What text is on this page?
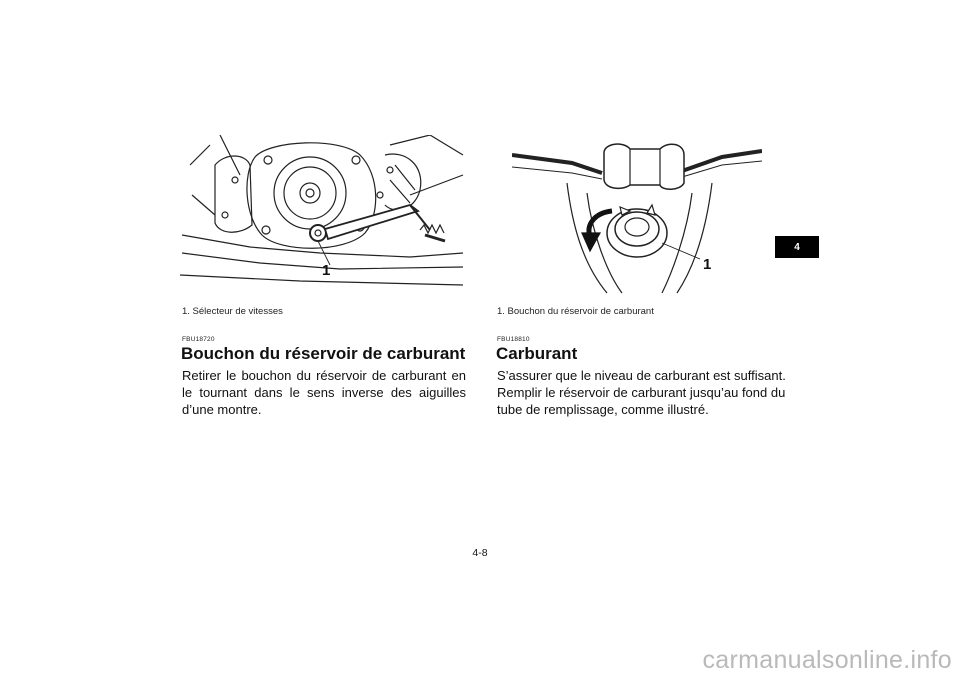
1	1
1. Sélecteur de vitesses
FBU18720
Bouchon du réservoir de carburant
Retirer le bouchon du réservoir de carburant en le tournant dans le sens inverse des aiguilles d’une montre.
1. Bouchon du réservoir de carburant
FBU18810
Carburant
S’assurer que le niveau de carburant est suffisant. Remplir le réservoir de carburant jusqu’au fond du tube de remplissage, comme illustré.
4
4-8
carmanualsonline.info
